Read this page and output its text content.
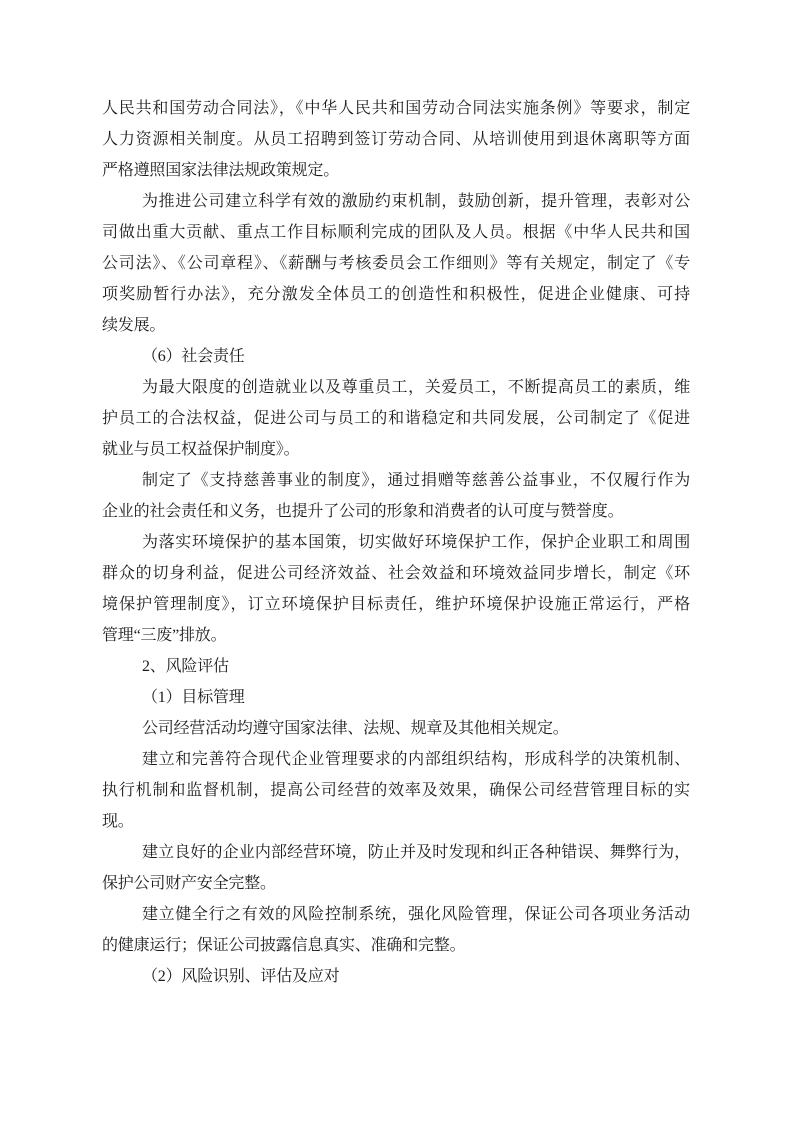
人民共和国劳动合同法》，《中华人民共和国劳动合同法实施条例》等要求，制定
人力资源相关制度。从员工招聘到签订劳动合同、从培训使用到退休离职等方面
严格遵照国家法律法规政策规定。
为推进公司建立科学有效的激励约束机制，鼓励创新，提升管理，表彰对公
司做出重大贡献、重点工作目标顺利完成的团队及人员。根据《中华人民共和国
公司法》、《公司章程》、《薪酬与考核委员会工作细则》等有关规定，制定了《专
项奖励暂行办法》，充分激发全体员工的创造性和积极性，促进企业健康、可持
续发展。
（6）社会责任
为最大限度的创造就业以及尊重员工，关爱员工，不断提高员工的素质，维
护员工的合法权益，促进公司与员工的和谐稳定和共同发展，公司制定了《促进
就业与员工权益保护制度》。
制定了《支持慈善事业的制度》，通过捐赠等慈善公益事业，不仅履行作为
企业的社会责任和义务，也提升了公司的形象和消费者的认可度与赞誉度。
为落实环境保护的基本国策，切实做好环境保护工作，保护企业职工和周围
群众的切身利益，促进公司经济效益、社会效益和环境效益同步增长，制定《环
境保护管理制度》，订立环境保护目标责任，维护环境保护设施正常运行，严格
管理“三废”排放。
2、风险评估
（1）目标管理
公司经营活动均遵守国家法律、法规、规章及其他相关规定。
建立和完善符合现代企业管理要求的内部组织结构，形成科学的决策机制、
执行机制和监督机制，提高公司经营的效率及效果，确保公司经营管理目标的实
现。
建立良好的企业内部经营环境，防止并及时发现和纠正各种错误、舞弊行为，
保护公司财产安全完整。
建立健全行之有效的风险控制系统，强化风险管理，保证公司各项业务活动
的健康运行；保证公司披露信息真实、准确和完整。
（2）风险识别、评估及应对
